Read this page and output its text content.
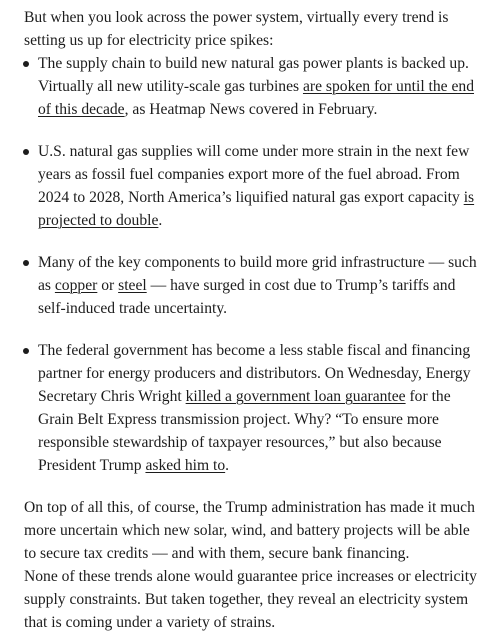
But when you look across the power system, virtually every trend is setting us up for electricity price spikes:

The supply chain to build new natural gas power plants is backed up. Virtually all new utility-scale gas turbines are spoken for until the end of this decade, as Heatmap News covered in February.
U.S. natural gas supplies will come under more strain in the next few years as fossil fuel companies export more of the fuel abroad. From 2024 to 2028, North America’s liquified natural gas export capacity is projected to double.
Many of the key components to build more grid infrastructure — such as copper or steel — have surged in cost due to Trump’s tariffs and self-induced trade uncertainty.
The federal government has become a less stable fiscal and financing partner for energy producers and distributors. On Wednesday, Energy Secretary Chris Wright killed a government loan guarantee for the Grain Belt Express transmission project. Why? “To ensure more responsible stewardship of taxpayer resources,” but also because President Trump asked him to.

On top of all this, of course, the Trump administration has made it much more uncertain which new solar, wind, and battery projects will be able to secure tax credits — and with them, secure bank financing.

None of these trends alone would guarantee price increases or electricity supply constraints. But taken together, they reveal an electricity system that is coming under a variety of strains.
